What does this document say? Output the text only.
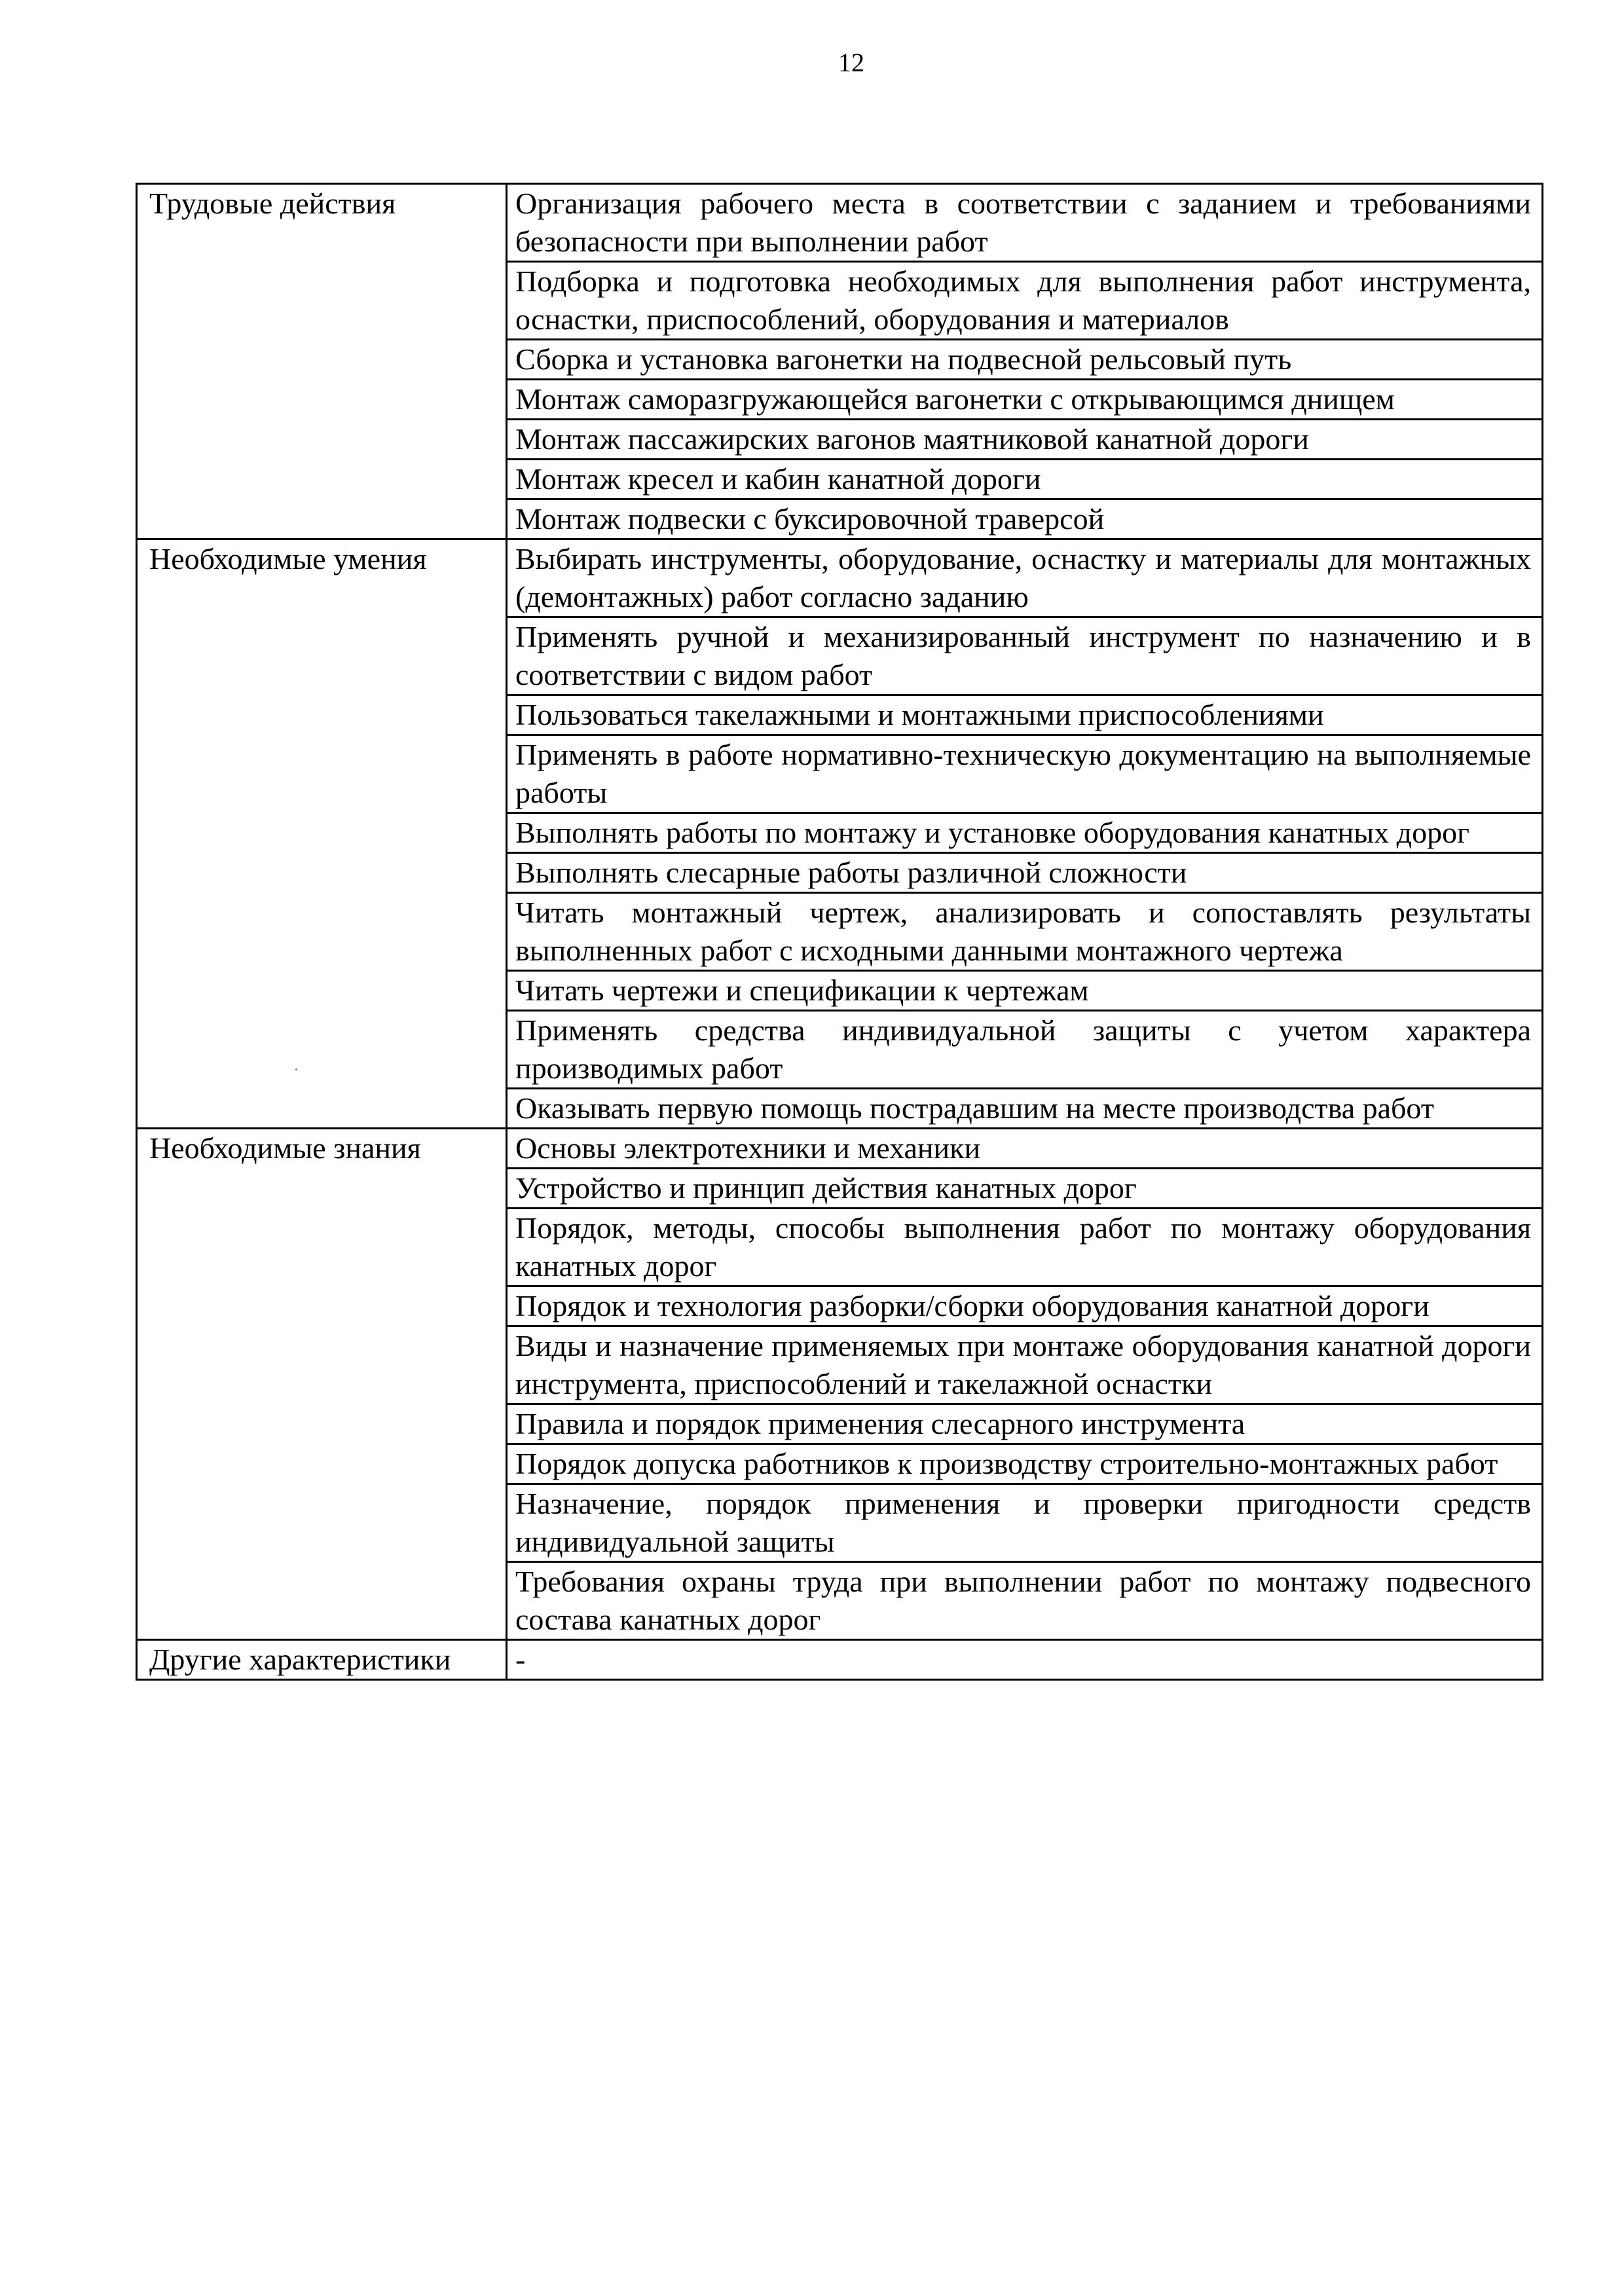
12
Трудовые действия	Организация рабочего места в соответствии с заданием и требованиями безопасности при выполнении работ
	Подборка и подготовка необходимых для выполнения работ инструмента, оснастки, приспособлений, оборудования и материалов
	Сборка и установка вагонетки на подвесной рельсовый путь
	Монтаж саморазгружающейся вагонетки с открывающимся днищем
	Монтаж пассажирских вагонов маятниковой канатной дороги
	Монтаж кресел и кабин канатной дороги
	Монтаж подвески с буксировочной траверсой
Необходимые умения	Выбирать инструменты, оборудование, оснастку и материалы для монтажных (демонтажных) работ согласно заданию
	Применять ручной и механизированный инструмент по назначению и в соответствии с видом работ
	Пользоваться такелажными и монтажными приспособлениями
	Применять в работе нормативно-техническую документацию на выполняемые работы
	Выполнять работы по монтажу и установке оборудования канатных дорог
	Выполнять слесарные работы различной сложности
	Читать монтажный чертеж, анализировать и сопоставлять результаты выполненных работ с исходными данными монтажного чертежа
	Читать чертежи и спецификации к чертежам
	Применять средства индивидуальной защиты с учетом характера производимых работ
	Оказывать первую помощь пострадавшим на месте производства работ
Необходимые знания	Основы электротехники и механики
	Устройство и принцип действия канатных дорог
	Порядок, методы, способы выполнения работ по монтажу оборудования канатных дорог
	Порядок и технология разборки/сборки оборудования канатной дороги
	Виды и назначение применяемых при монтаже оборудования канатной дороги инструмента, приспособлений и такелажной оснастки
	Правила и порядок применения слесарного инструмента
	Порядок допуска работников к производству строительно-монтажных работ
	Назначение, порядок применения и проверки пригодности средств индивидуальной защиты
	Требования охраны труда при выполнении работ по монтажу подвесного состава канатных дорог
Другие характеристики	-
